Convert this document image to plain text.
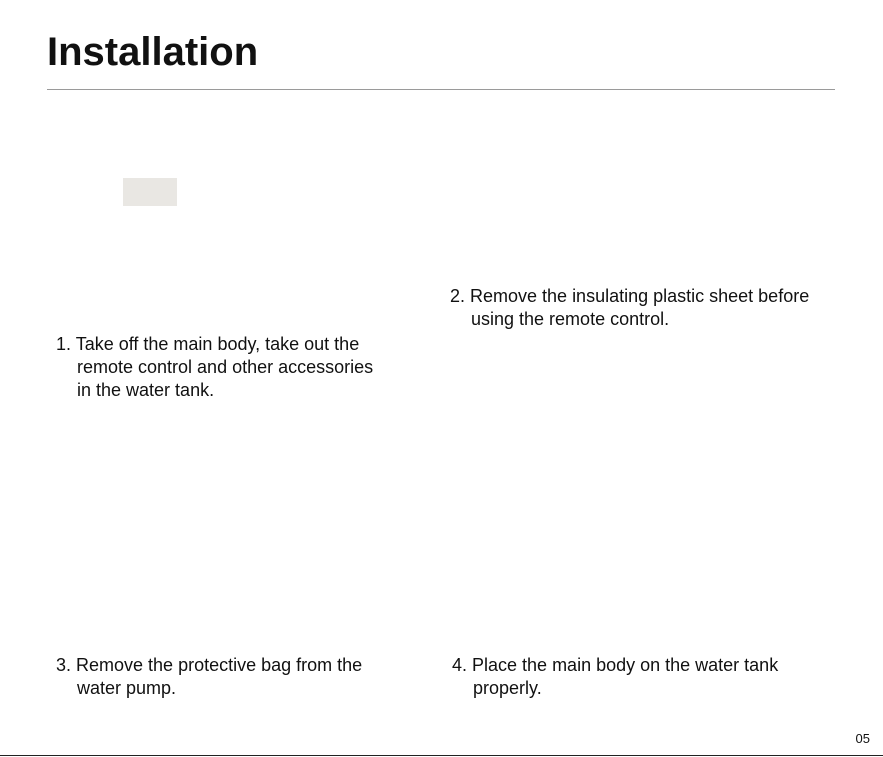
Installation
1. Take off the main body, take out the
remote control and other accessories
in the water tank.
2. Remove the insulating plastic sheet before
using the remote control.
3. Remove the protective bag from the
water pump.
4. Place the main body on the water tank
properly.
05
